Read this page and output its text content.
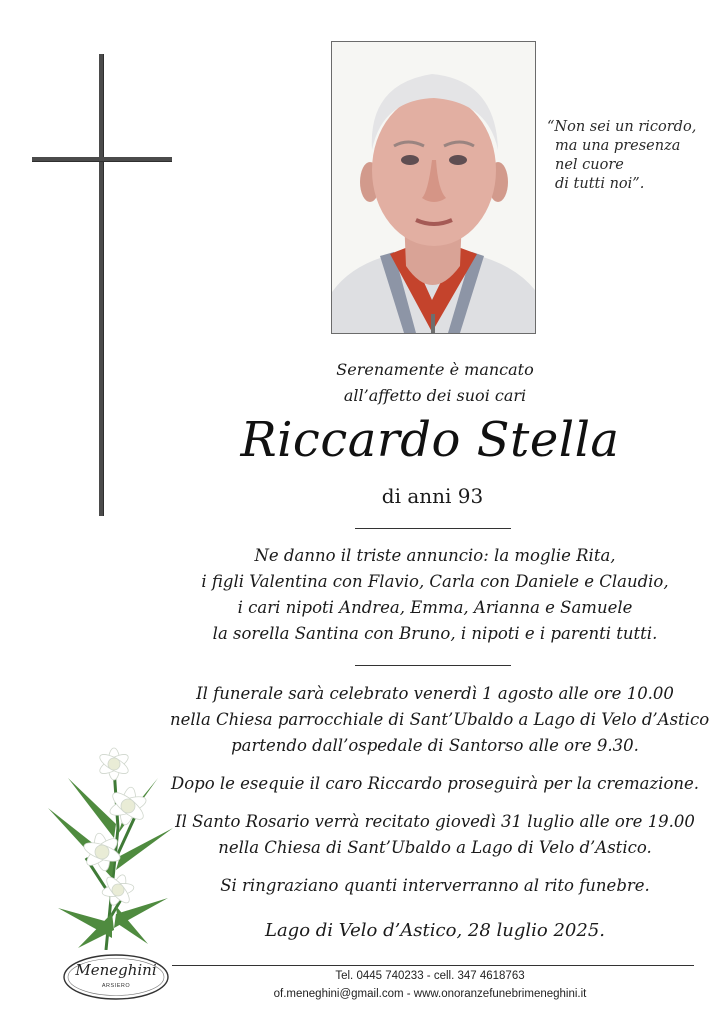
“Non sei un ricordo,
ma una presenza
nel cuore
di tutti noi”.
Serenamente è mancato
all’affetto dei suoi cari
Riccardo Stella
di anni 93
Ne danno il triste annuncio: la moglie Rita,
i figli Valentina con Flavio, Carla con Daniele e Claudio,
i cari nipoti Andrea, Emma, Arianna e Samuele
la sorella Santina con Bruno, i nipoti e i parenti tutti.
Il funerale sarà celebrato venerdì 1 agosto alle ore 10.00
nella Chiesa parrocchiale di Sant’Ubaldo a Lago di Velo d’Astico
partendo dall’ospedale di Santorso alle ore 9.30.
Dopo le esequie il caro Riccardo proseguirà per la cremazione.
Il Santo Rosario verrà recitato giovedì 31 luglio alle ore 19.00
nella Chiesa di Sant’Ubaldo a Lago di Velo d’Astico.
Si ringraziano quanti interverranno al rito funebre.
Lago di Velo d’Astico, 28 luglio 2025.
Meneghini
ARSIERO
Tel. 0445 740233 - cell. 347 4618763
of.meneghini@gmail.com - www.onoranzefunebrimeneghini.it
